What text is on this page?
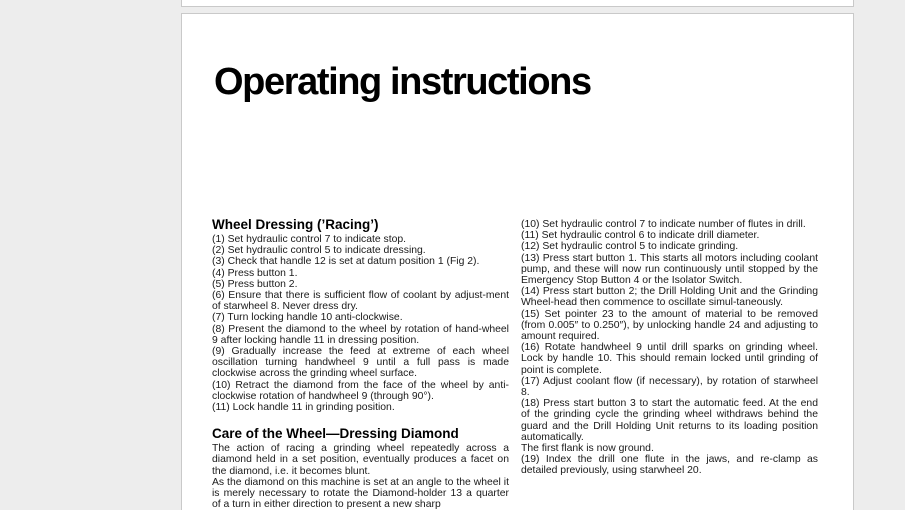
Operating instructions
Wheel Dressing (’Racing’)

(1) Set hydraulic control 7 to indicate stop.

(2) Set hydraulic control 5 to indicate dressing.

(3) Check that handle 12 is set at datum position 1 (Fig 2).

(4) Press button 1.

(5) Press button 2.

(6) Ensure that there is sufficient flow of coolant by adjust-ment of starwheel 8. Never dress dry.

(7) Turn locking handle 10 anti-clockwise.

(8) Present the diamond to the wheel by rotation of hand-wheel 9 after locking handle 11 in dressing position.

(9) Gradually increase the feed at extreme of each wheel oscillation turning handwheel 9 until a full pass is made clockwise across the grinding wheel surface.

(10) Retract the diamond from the face of the wheel by anti-clockwise rotation of handwheel 9 (through 90°).

(11) Lock handle 11 in grinding position.

Care of the Wheel—Dressing Diamond

The action of racing a grinding wheel repeatedly across a diamond held in a set position, eventually produces a facet on the diamond, i.e. it becomes blunt.

As the diamond on this machine is set at an angle to the wheel it is merely necessary to rotate the Diamond-holder 13 a quarter of a turn in either direction to present a new sharp

(10) Set hydraulic control 7 to indicate number of flutes in drill.

(11) Set hydraulic control 6 to indicate drill diameter.

(12) Set hydraulic control 5 to indicate grinding.

(13) Press start button 1. This starts all motors including coolant pump, and these will now run continuously until stopped by the Emergency Stop Button 4 or the Isolator Switch.

(14) Press start button 2; the Drill Holding Unit and the Grinding Wheel-head then commence to oscillate simul-taneously.

(15) Set pointer 23 to the amount of material to be removed (from 0.005″ to 0.250″), by unlocking handle 24 and adjusting to amount required.

(16) Rotate handwheel 9 until drill sparks on grinding wheel. Lock by handle 10. This should remain locked until grinding of point is complete.

(17) Adjust coolant flow (if necessary), by rotation of starwheel 8.

(18) Press start button 3 to start the automatic feed. At the end of the grinding cycle the grinding wheel withdraws behind the guard and the Drill Holding Unit returns to its loading position automatically.

The first flank is now ground.

(19) Index the drill one flute in the jaws, and re-clamp as detailed previously, using starwheel 20.
